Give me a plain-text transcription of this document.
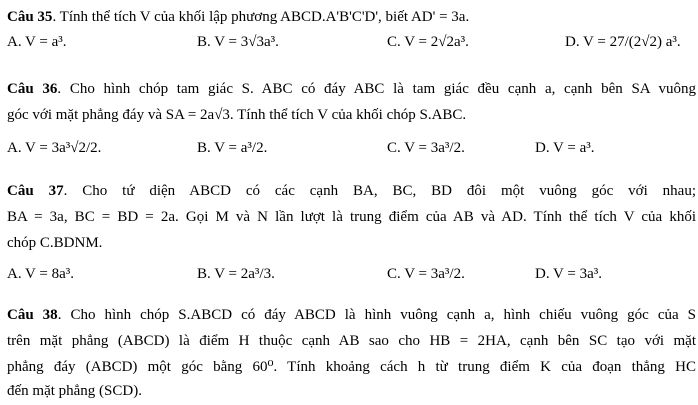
Câu 35. Tính thể tích V của khối lập phương ABCD.A'B'C'D', biết AD' = 3a.
A. V = a³.	B. V = 3√3a³.	C. V = 2√2a³.	D. V = 27/(2√2) a³.
Câu 36. Cho hình chóp tam giác S. ABC có đáy ABC là tam giác đều cạnh a, cạnh bên SA vuông
góc với mặt phẳng đáy và SA = 2a√3. Tính thể tích V của khối chóp S.ABC.
A. V = 3a³√2/2.	B. V = a³/2.	C. V = 3a³/2.	D. V = a³.
Câu 37. Cho tứ diện ABCD có các cạnh BA, BC, BD đôi một vuông góc với nhau;
BA = 3a, BC = BD = 2a. Gọi M và N lần lượt là trung điểm của AB và AD. Tính thể tích V của khối
chóp C.BDNM.
A. V = 8a³.	B. V = 2a³/3.	C. V = 3a³/2.	D. V = 3a³.
Câu 38. Cho hình chóp S.ABCD có đáy ABCD là hình vuông cạnh a, hình chiếu vuông góc của S
trên mặt phẳng (ABCD) là điểm H thuộc cạnh AB sao cho HB = 2HA, cạnh bên SC tạo với mặt
phẳng đáy (ABCD) một góc bằng 60⁰. Tính khoảng cách h từ trung điểm K của đoạn thẳng HC
đến mặt phẳng (SCD).
